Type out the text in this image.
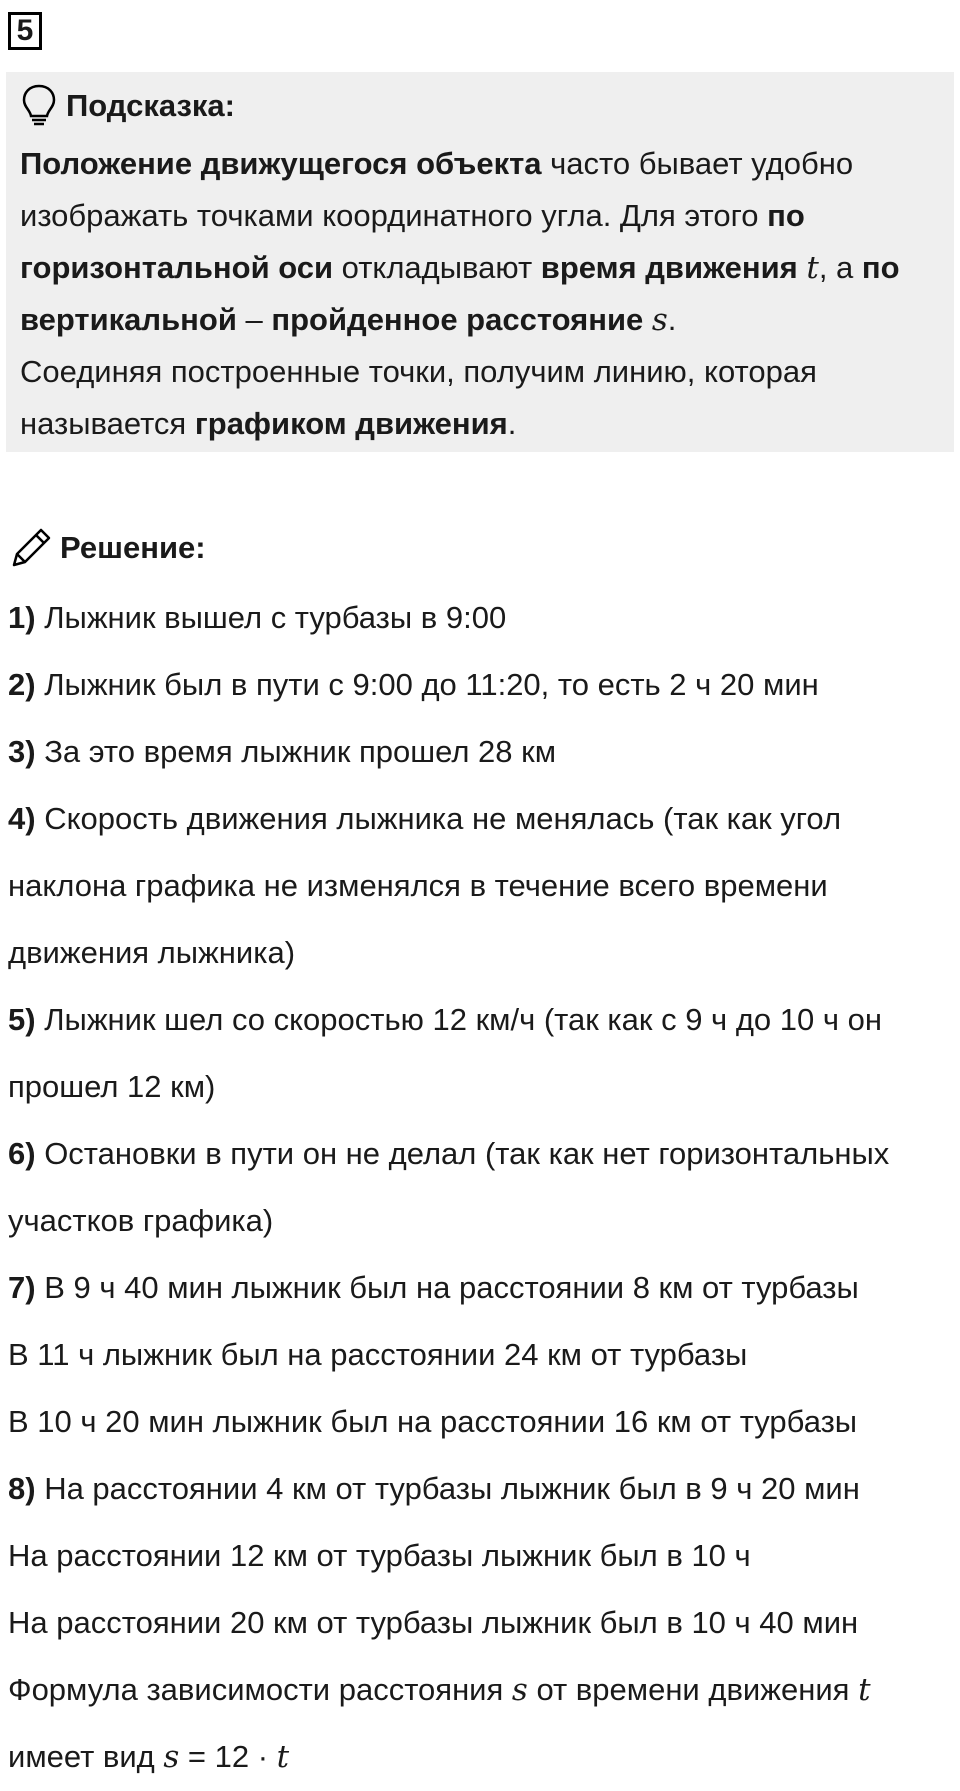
5
Подсказка:
Положение движущегося объекта часто бывает удобно изображать точками координатного угла. Для этого по горизонтальной оси откладывают время движения t, а по вертикальной – пройденное расстояние s.
Соединяя построенные точки, получим линию, которая называется графиком движения.
Решение:
1) Лыжник вышел с турбазы в 9:00
2) Лыжник был в пути с 9:00 до 11:20, то есть 2 ч 20 мин
3) За это время лыжник прошел 28 км
4) Скорость движения лыжника не менялась (так как угол
наклона графика не изменялся в течение всего времени
движения лыжника)
5) Лыжник шел со скоростью 12 км/ч (так как с 9 ч до 10 ч он
прошел 12 км)
6) Остановки в пути он не делал (так как нет горизонтальных
участков графика)
7) В 9 ч 40 мин лыжник был на расстоянии 8 км от турбазы
В 11 ч лыжник был на расстоянии 24 км от турбазы
В 10 ч 20 мин лыжник был на расстоянии 16 км от турбазы
8) На расстоянии 4 км от турбазы лыжник был в 9 ч 20 мин
На расстоянии 12 км от турбазы лыжник был в 10 ч
На расстоянии 20 км от турбазы лыжник был в 10 ч 40 мин
Формула зависимости расстояния s от времени движения t
имеет вид s = 12 · t
